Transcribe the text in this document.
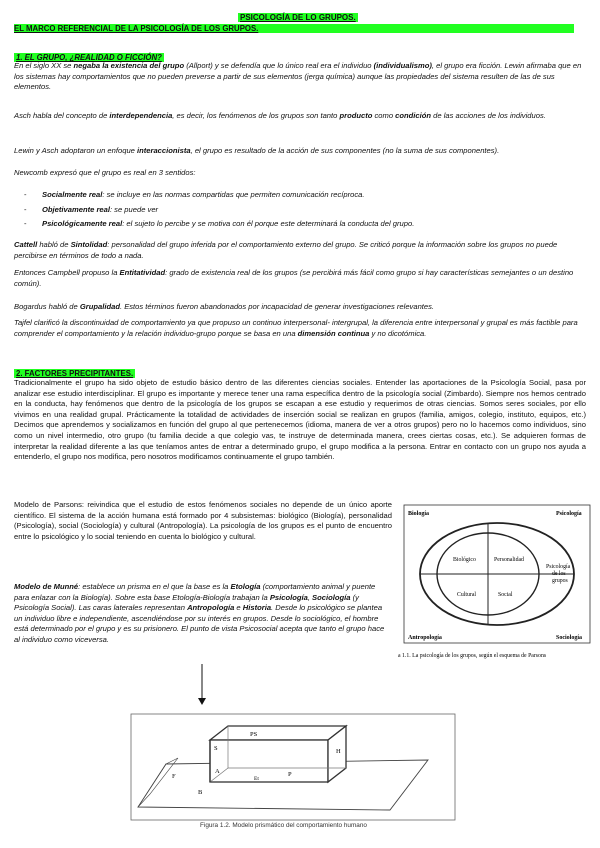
PSICOLOGÍA DE LO GRUPOS.
EL MARCO REFERENCIAL DE LA PSICOLOGÍA DE LOS GRUPOS.
1. EL GRUPO, ¿REALIDAD O FICCIÓN?

En el siglo XX se negaba la existencia del grupo (Allport) y se defendía que lo único real era el individuo (individualismo), el grupo era ficción. Lewin afirmaba que en los sistemas hay comportamientos que no pueden preverse a partir de sus elementos (jerga química) aunque las propiedades del sistema resulten de las de sus elementos.

Asch habla del concepto de interdependencia, es decir, los fenómenos de los grupos son tanto producto como condición de las acciones de los individuos.

Lewin y Asch adoptaron un enfoque interaccionista, el grupo es resultado de la acción de sus componentes (no la suma de sus componentes).

Newcomb expresó que el grupo es real en 3 sentidos:

- Socialmente real: se incluye en las normas compartidas que permiten comunicación recíproca.
- Objetivamente real: se puede ver
- Psicológicamente real: el sujeto lo percibe y se motiva con él porque este determinará la conducta del grupo.

Cattell habló de Sintolidad: personalidad del grupo inferida por el comportamiento externo del grupo. Se criticó porque la información sobre los grupos no puede percibirse en términos de todo a nada.

Entonces Campbell propuso la Entitatividad: grado de existencia real de los grupos (se percibirá más fácil como grupo si hay características semejantes o un destino común).

Bogardus habló de Grupalidad. Estos términos fueron abandonados por incapacidad de generar investigaciones relevantes.

Tajfel clarificó la discontinuidad de comportamiento ya que propuso un continuo interpersonal- intergrupal, la diferencia entre interpersonal y grupal es más factible para comprender el comportamiento y la relación individuo-grupo porque se basa en una dimensión continua y no dicotómica.

2. FACTORES PRECIPITANTES.

Tradicionalmente el grupo ha sido objeto de estudio básico dentro de las diferentes ciencias sociales. Entender las aportaciones de la Psicología Social, pasa por analizar ese estudio interdisciplinar. El grupo es importante y merece tener una rama específica dentro de la psicología social (Zimbardo). Siempre nos hemos centrado en la conducta, hay fenómenos que dentro de la psicología de los grupos se escapan a ese estudio y requerimos de otras ciencias. Somos seres sociales, por ello vivimos en una realidad grupal. Prácticamente la totalidad de actividades de inserción social se realizan en grupos (familia, amigos, colegio, instituto, equipos, etc.) Decimos que aprendemos y socializamos en función del grupo al que pertenecemos (idioma, manera de ver a otros grupos) pero no lo hacemos como individuos, sino como un nivel intermedio, otro grupo (tu familia decide a que colegio vas, te instruye de determinada manera, crees ciertas cosas, etc.). Se adquieren formas de interpretar la realidad diferente a las que teníamos antes de entrar a determinado grupo, el grupo modifica a la persona. Entrar en contacto con un grupo nos ayuda a entenderlo, el grupo nos modifica, pero nosotros modificamos continuamente el grupo también.

Modelo de Parsons: reivindica que el estudio de estos fenómenos sociales no depende de un único aporte científico. El sistema de la acción humana está formado por 4 subsistemas: biológico (Biología), personalidad (Psicología), social (Sociología) y cultural (Antropología). La psicología de los grupos es el punto de encuentro entre lo psicológico y lo social teniendo en cuenta lo biológico y cultural.

Modelo de Munné: establece un prisma en el que la base es la Etología (comportamiento animal y puente para enlazar con la Biología). Sobre esta base Etología-Biología trabajan la Psicología, Sociología (y Psicología Social). Las caras laterales representan Antropología e Historia. Desde lo psicológico se plantea un individuo libre e independiente, ascendiéndose por su interés en grupos. Desde lo sociológico, el hombre está determinado por el grupo y es su prisionero. El punto de vista Psicosocial acepta que tanto el grupo hace al individuo como viceversa.

Biología	Psicología
Antropología	Sociología
Biológico	Personalidad
Cultural	Social
Psicología
de los
grupos
a 1.1. La psicología de los grupos, según el esquema de Parsons
PS
S	H
A
Et
P
F
B
Figura 1.2. Modelo prismático del comportamiento humano
